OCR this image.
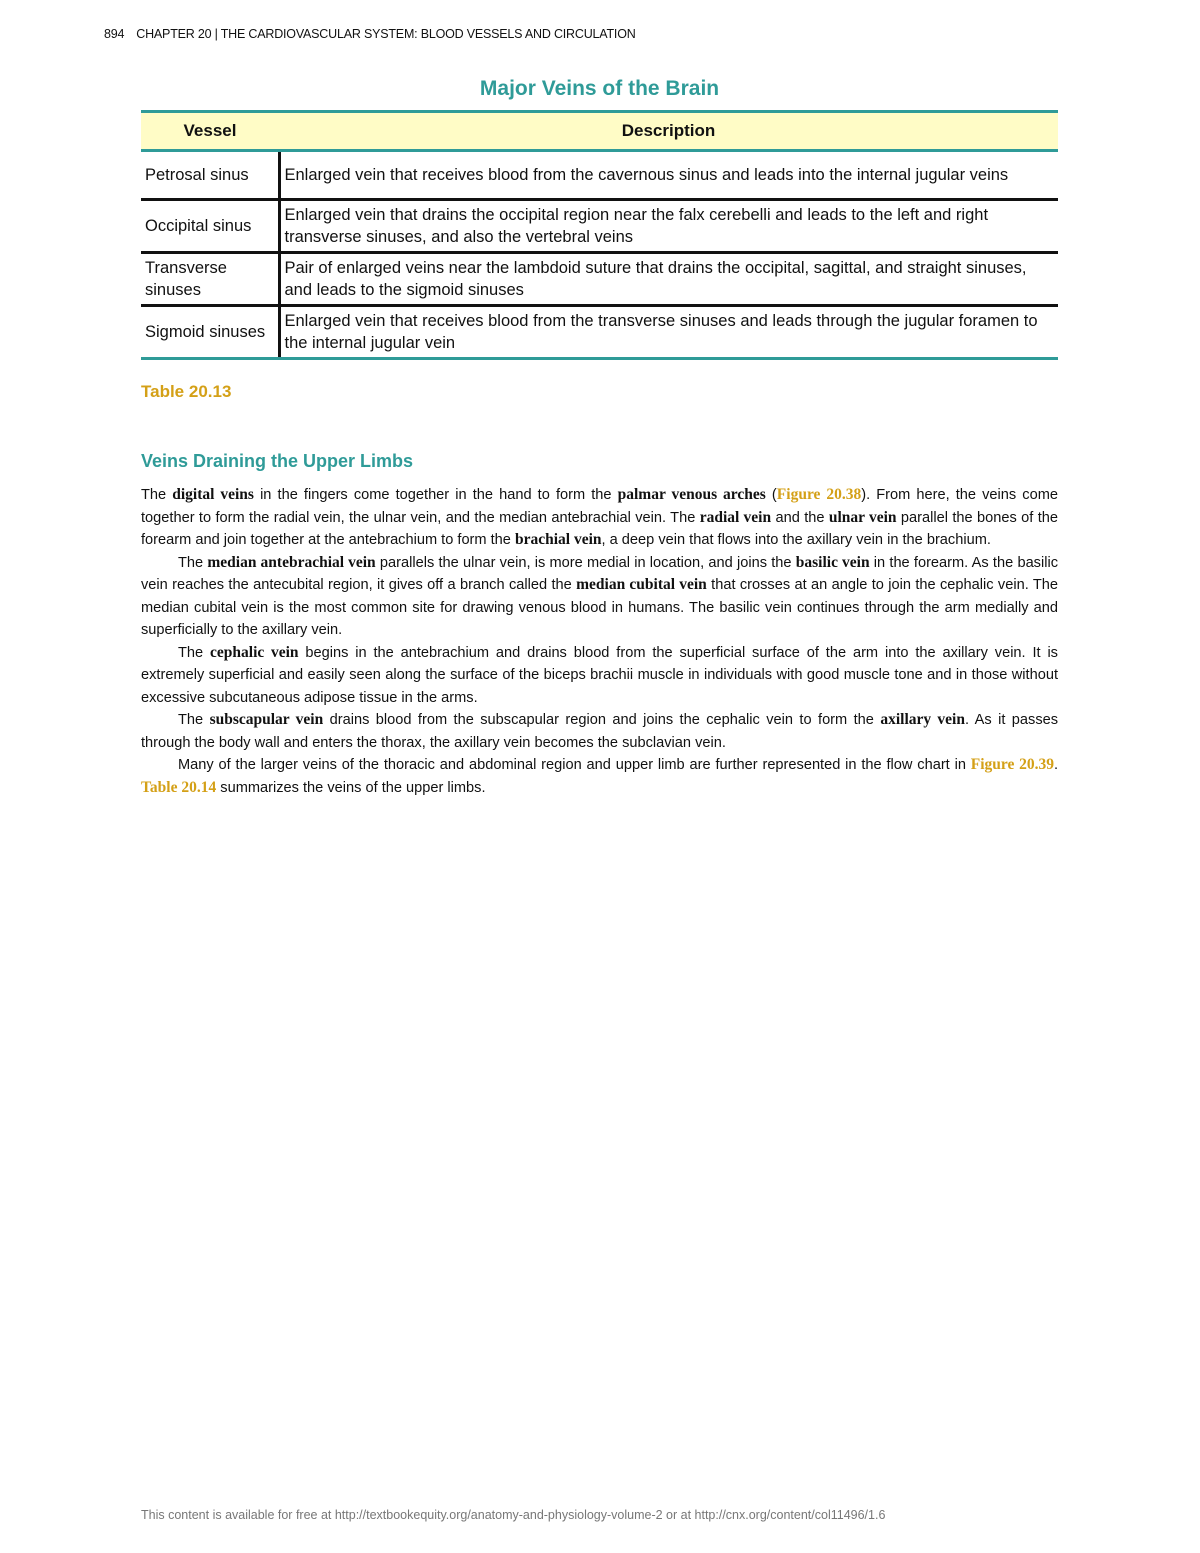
894 CHAPTER 20 | THE CARDIOVASCULAR SYSTEM: BLOOD VESSELS AND CIRCULATION
Major Veins of the Brain
Vessel	Description
Petrosal sinus	Enlarged vein that receives blood from the cavernous sinus and leads into the internal jugular veins
Occipital sinus	Enlarged vein that drains the occipital region near the falx cerebelli and leads to the left and right transverse sinuses, and also the vertebral veins
Transverse sinuses	Pair of enlarged veins near the lambdoid suture that drains the occipital, sagittal, and straight sinuses, and leads to the sigmoid sinuses
Sigmoid sinuses	Enlarged vein that receives blood from the transverse sinuses and leads through the jugular foramen to the internal jugular vein
Table 20.13
Veins Draining the Upper Limbs

The digital veins in the fingers come together in the hand to form the palmar venous arches (Figure 20.38). From here, the veins come together to form the radial vein, the ulnar vein, and the median antebrachial vein. The radial vein and the ulnar vein parallel the bones of the forearm and join together at the antebrachium to form the brachial vein, a deep vein that flows into the axillary vein in the brachium.

The median antebrachial vein parallels the ulnar vein, is more medial in location, and joins the basilic vein in the forearm. As the basilic vein reaches the antecubital region, it gives off a branch called the median cubital vein that crosses at an angle to join the cephalic vein. The median cubital vein is the most common site for drawing venous blood in humans. The basilic vein continues through the arm medially and superficially to the axillary vein.

The cephalic vein begins in the antebrachium and drains blood from the superficial surface of the arm into the axillary vein. It is extremely superficial and easily seen along the surface of the biceps brachii muscle in individuals with good muscle tone and in those without excessive subcutaneous adipose tissue in the arms.

The subscapular vein drains blood from the subscapular region and joins the cephalic vein to form the axillary vein. As it passes through the body wall and enters the thorax, the axillary vein becomes the subclavian vein.

Many of the larger veins of the thoracic and abdominal region and upper limb are further represented in the flow chart in Figure 20.39. Table 20.14 summarizes the veins of the upper limbs.

This content is available for free at http://textbookequity.org/anatomy-and-physiology-volume-2 or at http://cnx.org/content/col11496/1.6
